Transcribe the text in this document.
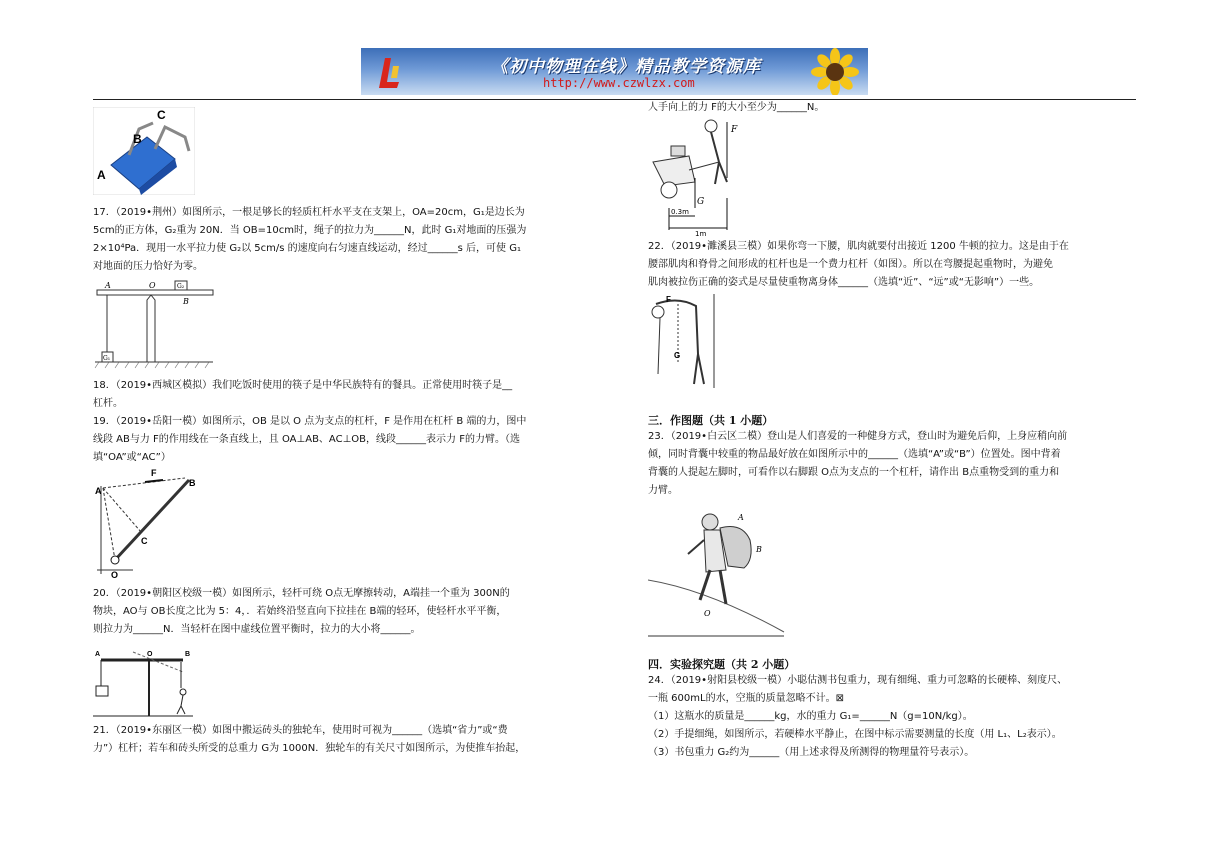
《初中物理在线》精品教学资源库
http://www.czwlzx.com
C
B
A
17．（2019•荆州）如图所示，一根足够长的轻质杠杆水平支在支架上，OA=20cm，G₁是边长为
5cm的正方体，G₂重为 20N．当 OB=10cm时，绳子的拉力为______N，此时 G₁对地面的压强为
2×10⁴Pa．现用一水平拉力使 G₂以 5cm/s 的速度向右匀速直线运动，经过______s 后，可使 G₁
对地面的压力恰好为零。
A	O	G₂
B
G₁
18．（2019•西城区模拟）我们吃饭时使用的筷子是中华民族特有的餐具。正常使用时筷子是__
杠杆。
19．（2019•岳阳一模）如图所示，OB 是以 O 点为支点的杠杆，F 是作用在杠杆 B 端的力，图中
线段 AB与力 F的作用线在一条直线上，且 OA⊥AB、AC⊥OB，线段______表示力 F的力臂。（选
填“OA”或“AC”）
F
A
B
C
O
20．（2019•朝阳区校级一模）如图所示，轻杆可绕 O点无摩擦转动，A端挂一个重为 300N的
物块，AO与 OB长度之比为 5：4，．若始终沿竖直向下拉挂在 B端的轻环，使轻杆水平平衡，
则拉力为______N．当轻杆在图中虚线位置平衡时，拉力的大小将______。
A	O	B
21．（2019•东丽区一模）如图中搬运砖头的独轮车，使用时可视为______（选填“省力”或“费
力”）杠杆；若车和砖头所受的总重力 G为 1000N．独轮车的有关尺寸如图所示，为使推车抬起，
人手向上的力 F的大小至少为______N。
F
G
0.3m
1m
22．（2019•濉溪县三模）如果你弯一下腰，肌肉就要付出接近 1200 牛顿的拉力。这是由于在
腰部肌肉和脊骨之间形成的杠杆也是一个费力杠杆（如图）。所以在弯腰提起重物时，为避免
肌肉被拉伤正确的姿式是尽量使重物离身体______（选填“近”、“远”或“无影响”）一些。
F
G
三．作图题（共 1 小题）
23．（2019•白云区二模）登山是人们喜爱的一种健身方式，登山时为避免后仰，上身应稍向前
倾，同时背囊中较重的物品最好放在如图所示中的______（选填“A”或“B”）位置处。图中背着
背囊的人提起左脚时，可看作以右脚跟 O点为支点的一个杠杆，请作出 B点重物受到的重力和
力臂。
A
B
O
四．实验探究题（共 2 小题）
24．（2019•射阳县校级一模）小聪估测书包重力，现有细绳、重力可忽略的长硬棒、刻度尺、
一瓶 600mL的水，空瓶的质量忽略不计。⊠
（1）这瓶水的质量是______kg，水的重力 G₁=______N（g=10N/kg）。
（2）手提细绳，如图所示，若硬棒水平静止，在图中标示需要测量的长度（用 L₁、L₂表示）。
（3）书包重力 G₂约为______（用上述求得及所测得的物理量符号表示）。
